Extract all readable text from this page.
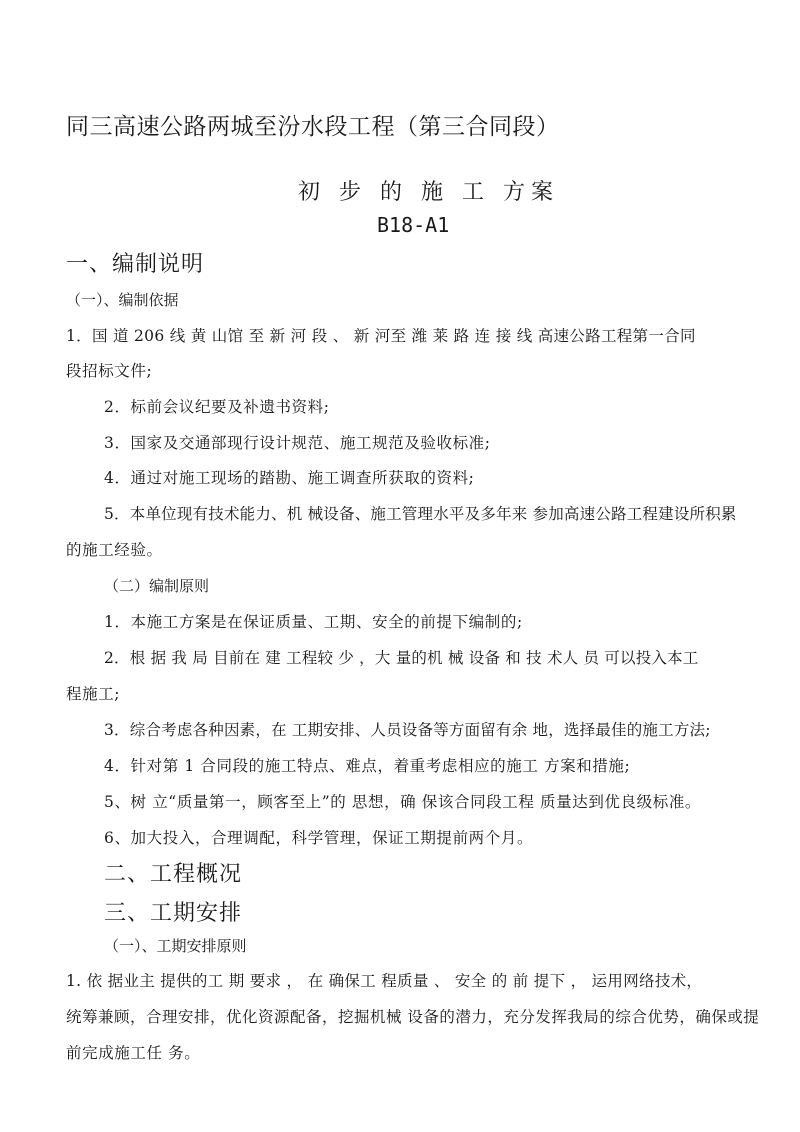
同三高速公路两城至汾水段工程（第三合同段）
初 步 的 施 工 方案
B18-A1
一、编制说明
（一）、编制依据
1．国 道 206 线 黄 山馆 至 新 河 段 、 新 河至 潍 莱 路 连 接 线 高速公路工程第一合同
段招标文件;
2．标前会议纪要及补遗书资料;
3．国家及交通部现行设计规范、施工规范及验收标准;
4．通过对施工现场的踏勘、施工调查所获取的资料;
5．本单位现有技术能力、机 械设备、施工管理水平及多年来 参加高速公路工程建设所积累
的施工经验。
（二）编制原则
1．本施工方案是在保证质量、工期、安全的前提下编制的;
2．根 据 我 局 目前在 建 工程较 少 ，大 量的机 械 设备 和 技 术人 员 可以投入本工
程施工;
3．综合考虑各种因素，在 工期安排、人员设备等方面留有余 地，选择最佳的施工方法;
4．针对第 1 合同段的施工特点、难点，着重考虑相应的施工 方案和措施;
5、树 立“质量第一，顾客至上”的 思想，确 保该合同段工程 质量达到优良级标准。
6、加大投入，合理调配，科学管理，保证工期提前两个月。
二、工程概况
三、工期安排
（一）、工期安排原则
1. 依 据业主 提供的工 期 要求 ， 在 确保工 程质量 、 安全 的 前 提下 ， 运用网络技术，
统筹兼顾，合理安排，优化资源配备，挖掘机械 设备的潜力，充分发挥我局的综合优势，确保或提
前完成施工任 务。
